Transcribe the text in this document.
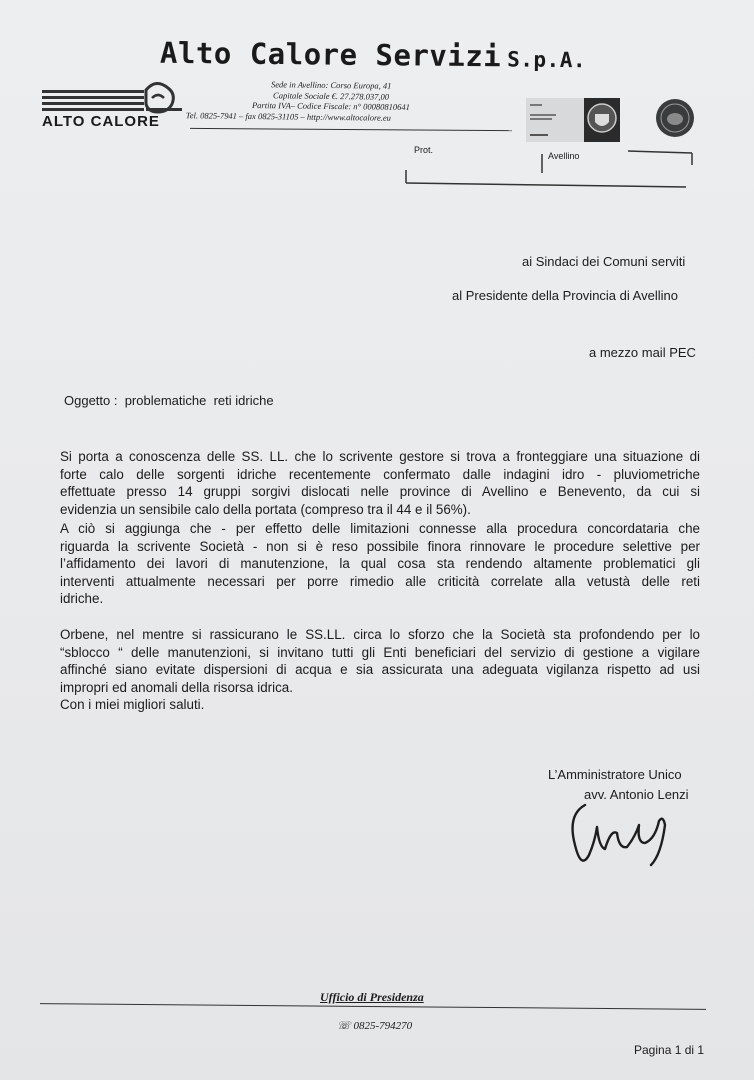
Alto Calore Servizi S.p.A.
ALTO CALORE
Sede in Avellino: Corso Europa, 41
Capitale Sociale €. 27.278.037,00
Partita IVA– Codice Fiscale: n° 00080810641
Tel. 0825-7941 – fax 0825-31105 – http://www.altocalore.eu
Prot.
Avellino
ai Sindaci dei Comuni serviti
al Presidente della Provincia di Avellino
a mezzo mail PEC
Oggetto :  problematiche  reti idriche
Si porta a conoscenza delle SS. LL. che lo scrivente gestore si trova a fronteggiare una situazione di
forte calo delle sorgenti idriche recentemente confermato dalle indagini idro - pluviometriche
effettuate presso 14 gruppi sorgivi dislocati nelle province di Avellino e Benevento, da cui si
evidenzia un sensibile calo della portata (compreso tra il 44 e il 56%).
A ciò si aggiunga che - per effetto delle limitazioni connesse alla procedura concordataria che
riguarda la scrivente Società - non si è reso possibile finora rinnovare le procedure selettive per
l’affidamento dei lavori di manutenzione, la qual cosa sta rendendo altamente problematici gli
interventi attualmente necessari per porre rimedio alle criticità correlate alla vetustà delle reti
idriche.
Orbene, nel mentre si rassicurano le SS.LL. circa lo sforzo che la Società sta profondendo per lo
“sblocco “ delle manutenzioni, si invitano tutti gli Enti beneficiari del servizio di gestione a vigilare
affinché siano evitate dispersioni di acqua e sia assicurata una adeguata vigilanza rispetto ad usi
impropri ed anomali della risorsa idrica.
Con i miei migliori saluti.
L’Amministratore Unico
avv. Antonio Lenzi
Ufficio di Presidenza
☏ 0825-794270
Pagina 1 di 1
